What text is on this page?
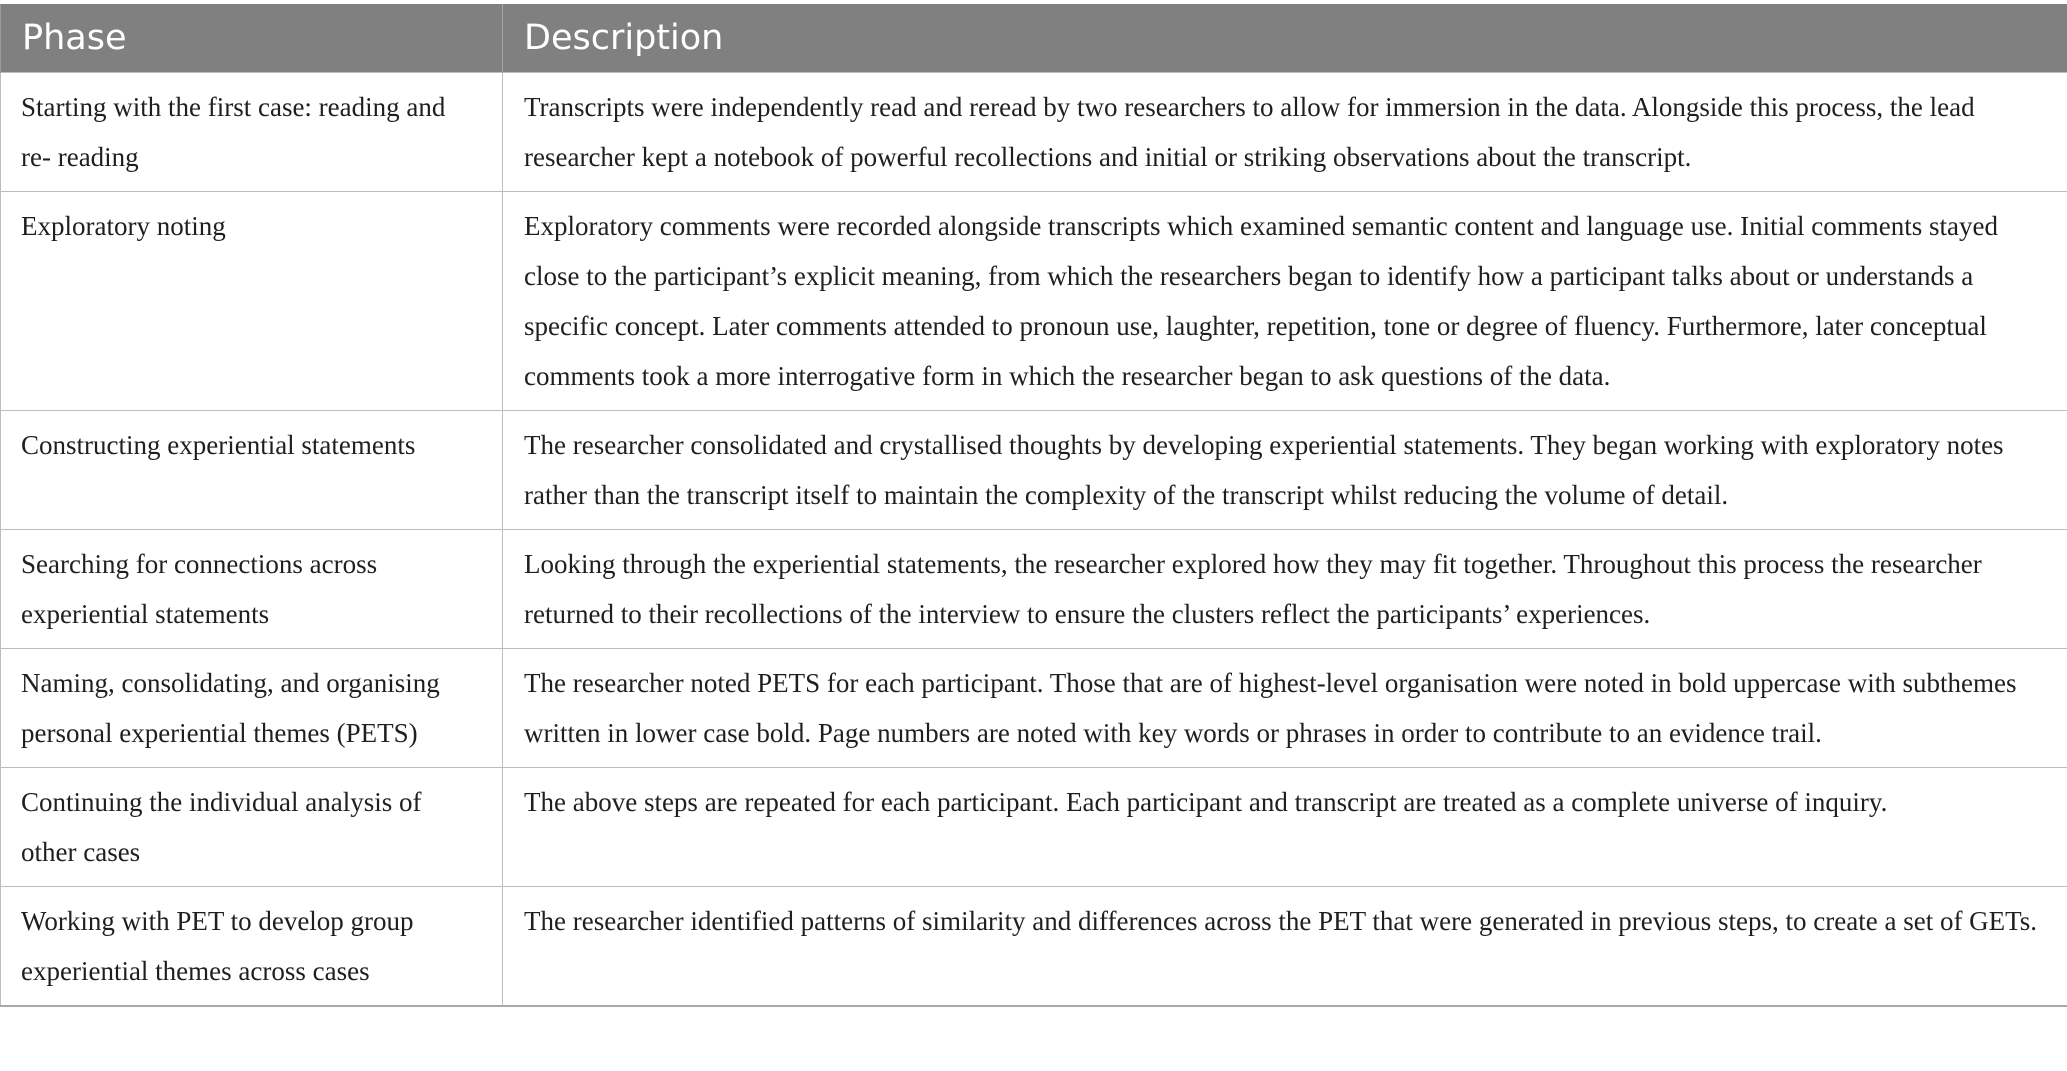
Phase	Description
Starting with the first case: reading and re- reading	Transcripts were independently read and reread by two researchers to allow for immersion in the data. Alongside this process, the lead researcher kept a notebook of powerful recollections and initial or striking observations about the transcript.
Exploratory noting	Exploratory comments were recorded alongside transcripts which examined semantic content and language use. Initial comments stayed close to the participant’s explicit meaning, from which the researchers began to identify how a participant talks about or understands a specific concept. Later comments attended to pronoun use, laughter, repetition, tone or degree of fluency. Furthermore, later conceptual comments took a more interrogative form in which the researcher began to ask questions of the data.
Constructing experiential statements	The researcher consolidated and crystallised thoughts by developing experiential statements. They began working with exploratory notes rather than the transcript itself to maintain the complexity of the transcript whilst reducing the volume of detail.
Searching for connections across experiential statements	Looking through the experiential statements, the researcher explored how they may fit together. Throughout this process the researcher returned to their recollections of the interview to ensure the clusters reflect the participants’ experiences.
Naming, consolidating, and organising personal experiential themes (PETS)	The researcher noted PETS for each participant. Those that are of highest-level organisation were noted in bold uppercase with subthemes written in lower case bold. Page numbers are noted with key words or phrases in order to contribute to an evidence trail.
Continuing the individual analysis of other cases	The above steps are repeated for each participant. Each participant and transcript are treated as a complete universe of inquiry.
Working with PET to develop group experiential themes across cases	The researcher identified patterns of similarity and differences across the PET that were generated in previous steps, to create a set of GETs.
